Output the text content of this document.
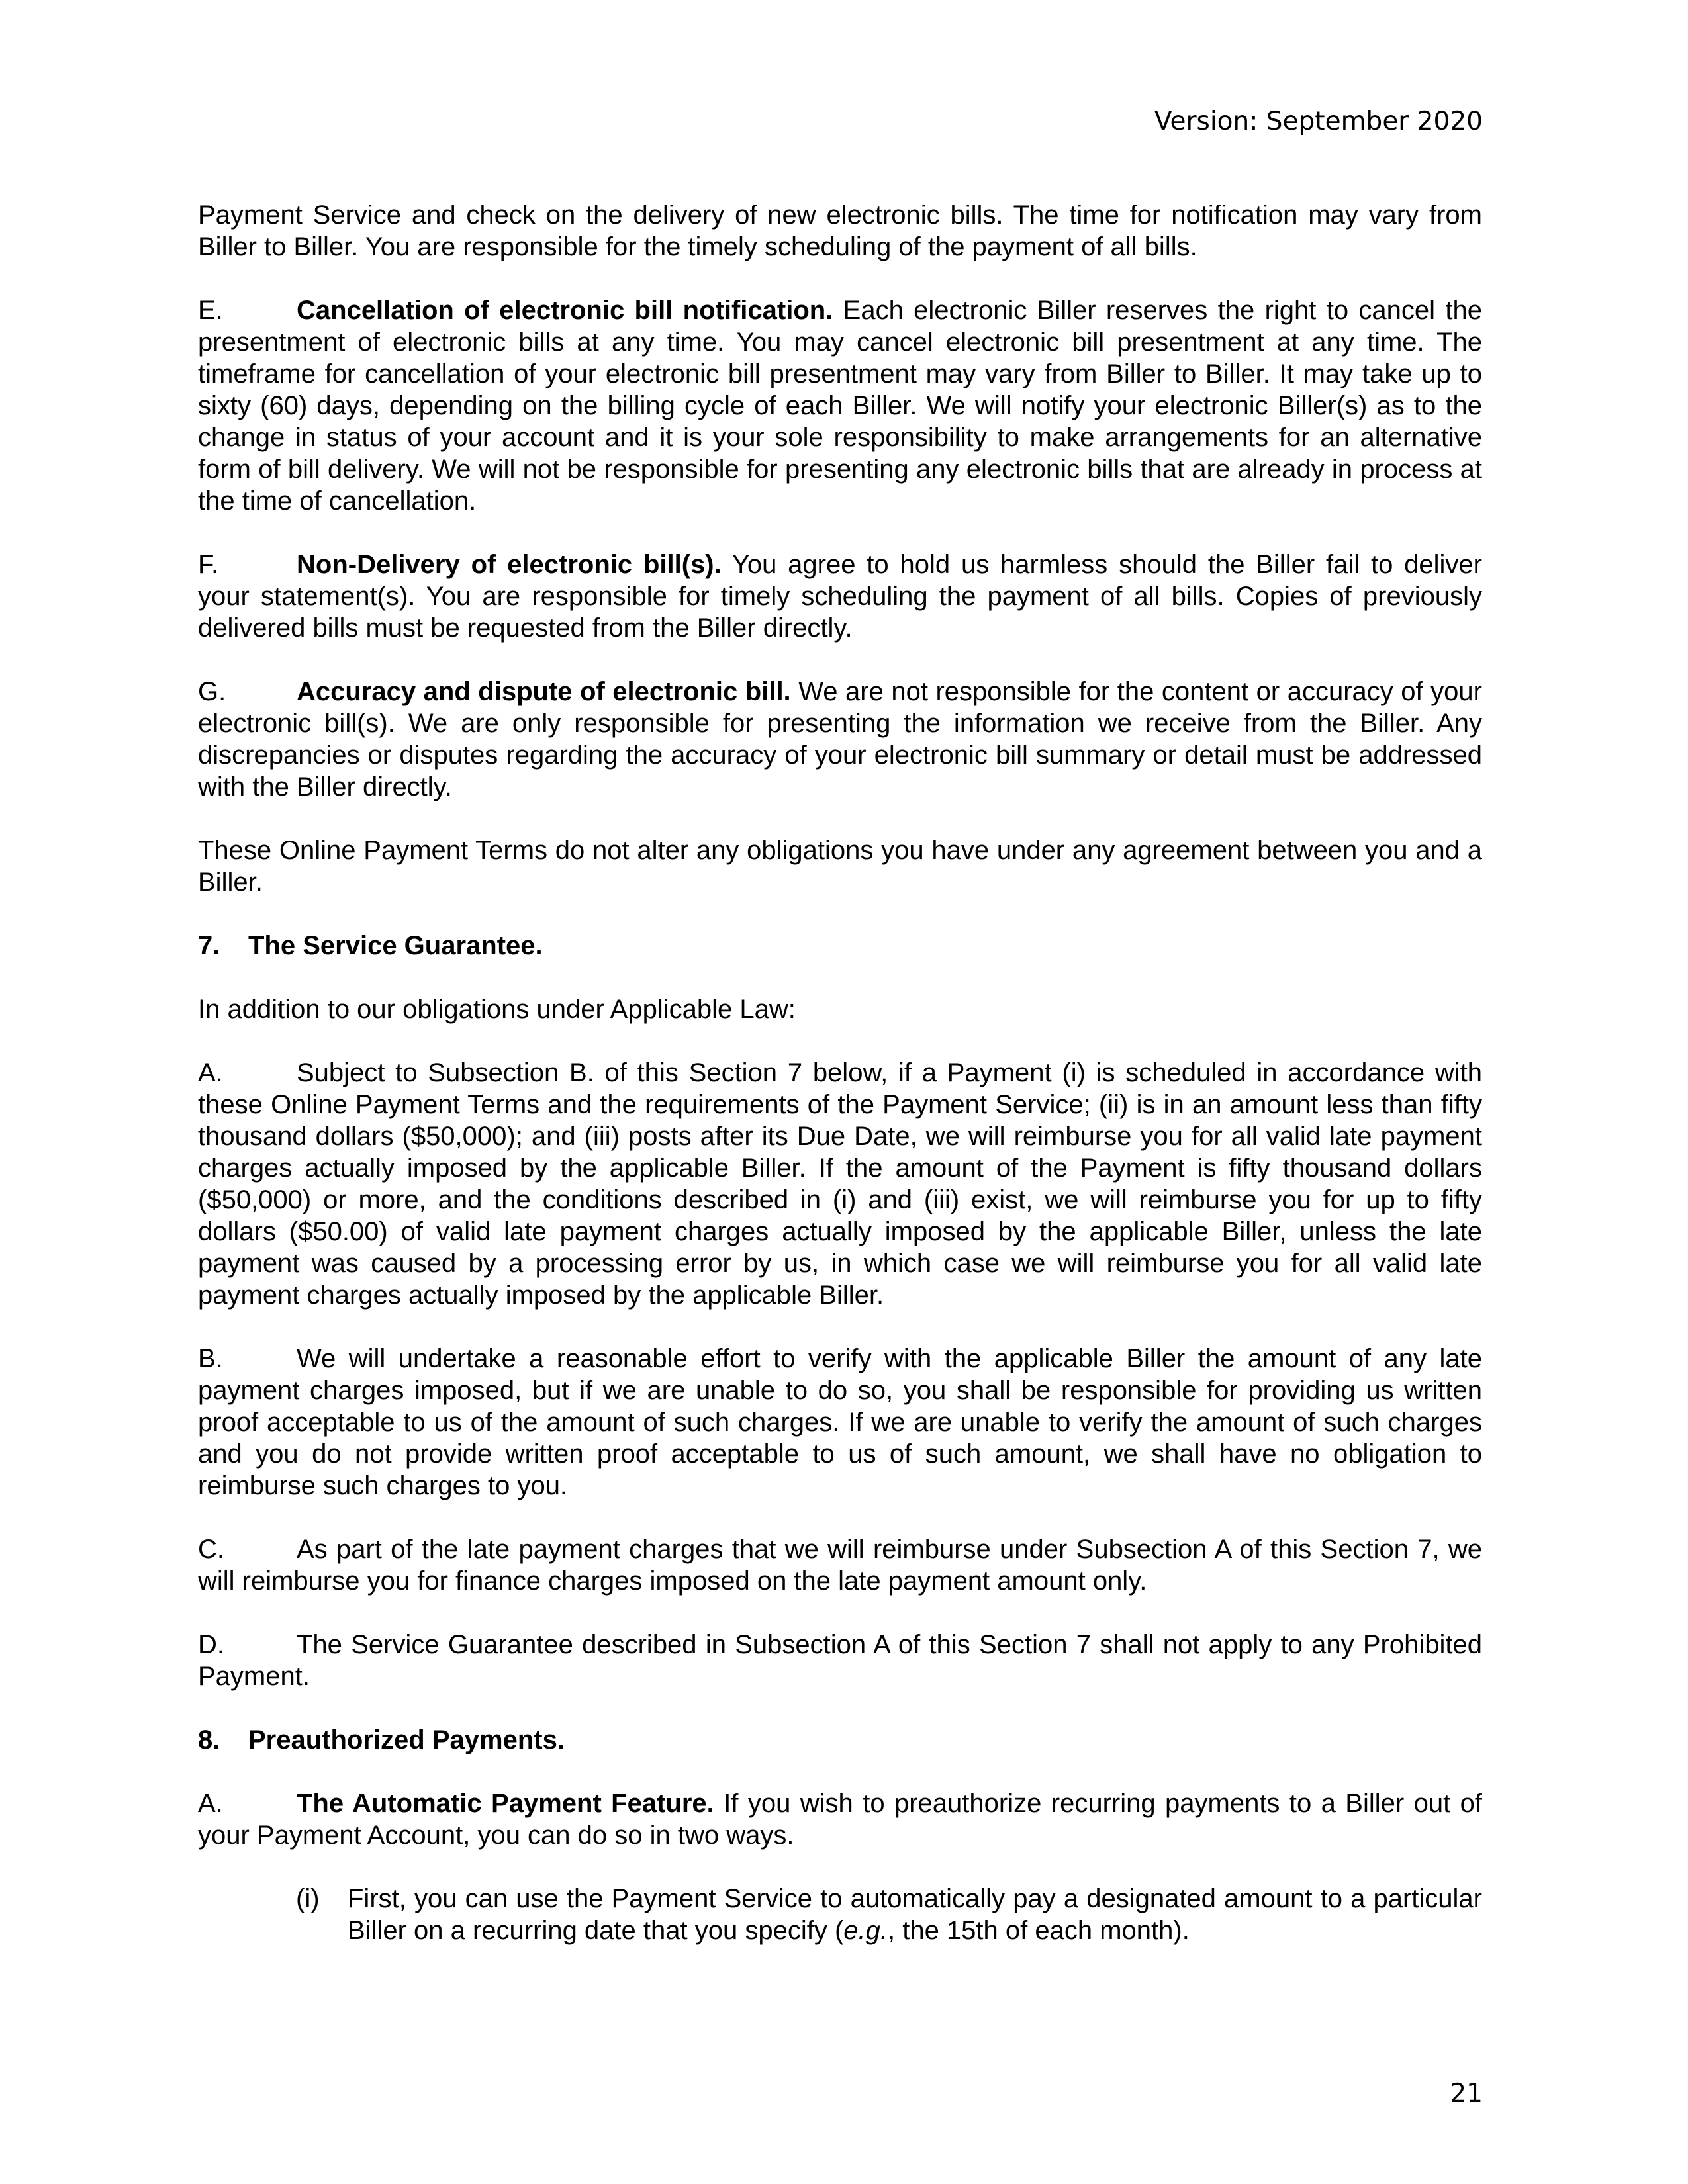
Version: September 2020

Payment Service and check on the delivery of new electronic bills. The time for notification may vary from Biller to Biller. You are responsible for the timely scheduling of the payment of all bills.

E.	Cancellation of electronic bill notification. Each electronic Biller reserves the right to cancel the presentment of electronic bills at any time. You may cancel electronic bill presentment at any time. The timeframe for cancellation of your electronic bill presentment may vary from Biller to Biller. It may take up to sixty (60) days, depending on the billing cycle of each Biller. We will notify your electronic Biller(s) as to the change in status of your account and it is your sole responsibility to make arrangements for an alternative form of bill delivery. We will not be responsible for presenting any electronic bills that are already in process at the time of cancellation.

F.	Non-Delivery of electronic bill(s). You agree to hold us harmless should the Biller fail to deliver your statement(s). You are responsible for timely scheduling the payment of all bills. Copies of previously delivered bills must be requested from the Biller directly.

G.	Accuracy and dispute of electronic bill. We are not responsible for the content or accuracy of your electronic bill(s). We are only responsible for presenting the information we receive from the Biller. Any discrepancies or disputes regarding the accuracy of your electronic bill summary or detail must be addressed with the Biller directly.

These Online Payment Terms do not alter any obligations you have under any agreement between you and a Biller.

7. The Service Guarantee.

In addition to our obligations under Applicable Law:

A.	Subject to Subsection B. of this Section 7 below, if a Payment (i) is scheduled in accordance with these Online Payment Terms and the requirements of the Payment Service; (ii) is in an amount less than fifty thousand dollars ($50,000); and (iii) posts after its Due Date, we will reimburse you for all valid late payment charges actually imposed by the applicable Biller. If the amount of the Payment is fifty thousand dollars ($50,000) or more, and the conditions described in (i) and (iii) exist, we will reimburse you for up to fifty dollars ($50.00) of valid late payment charges actually imposed by the applicable Biller, unless the late payment was caused by a processing error by us, in which case we will reimburse you for all valid late payment charges actually imposed by the applicable Biller.

B.	We will undertake a reasonable effort to verify with the applicable Biller the amount of any late payment charges imposed, but if we are unable to do so, you shall be responsible for providing us written proof acceptable to us of the amount of such charges. If we are unable to verify the amount of such charges and you do not provide written proof acceptable to us of such amount, we shall have no obligation to reimburse such charges to you.

C.	As part of the late payment charges that we will reimburse under Subsection A of this Section 7, we will reimburse you for finance charges imposed on the late payment amount only.

D.	The Service Guarantee described in Subsection A of this Section 7 shall not apply to any Prohibited Payment.

8. Preauthorized Payments.

A.	The Automatic Payment Feature. If you wish to preauthorize recurring payments to a Biller out of your Payment Account, you can do so in two ways.

(i) First, you can use the Payment Service to automatically pay a designated amount to a particular Biller on a recurring date that you specify (e.g., the 15th of each month).

21
